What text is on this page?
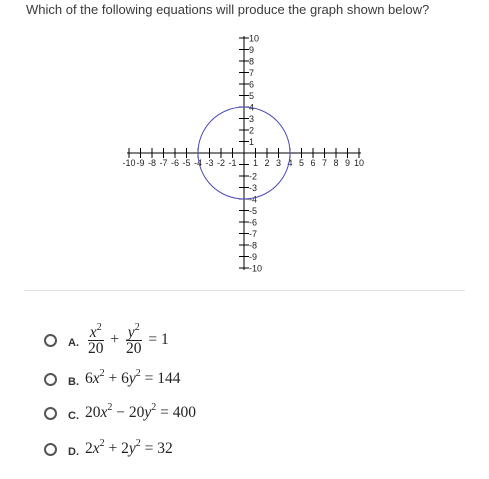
Which of the following equations will produce the graph shown below?
-10 -9 -8 -7 -6 -5 -4 -3 -2 -1 1 2 3 4 5 6 7 8 9 10
10
9
8
7
6
5
4
3
2
1
-2
-3
-4
-5
-6
-7
-8
-9
-10
A. $\frac{x^2}{20} + \frac{y^2}{20} = 1$
B. $6x^2 + 6y^2 = 144$
C. $20x^2 - 20y^2 = 400$
D. $2x^2 + 2y^2 = 32$
